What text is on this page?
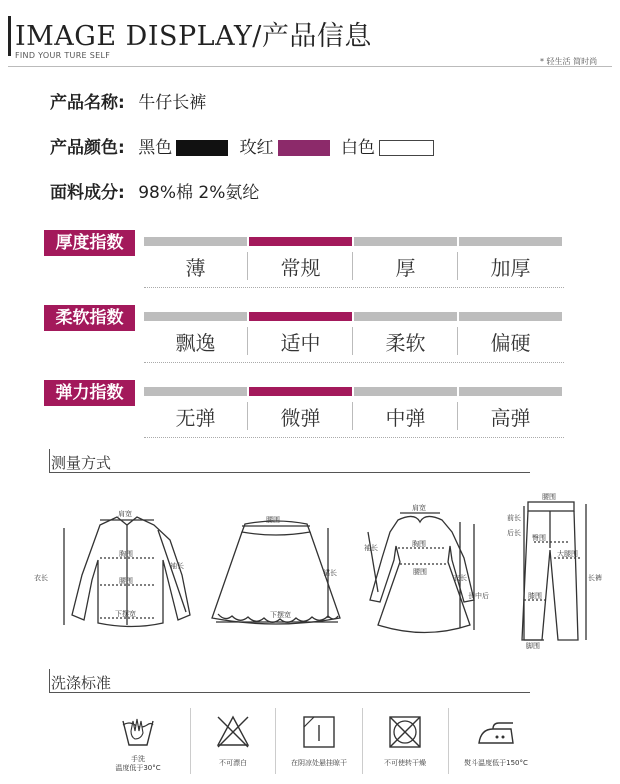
IMAGE DISPLAY/产品信息
FIND YOUR TURE SELF
* 轻生活 简时尚
产品名称: 牛仔长裤
产品颜色: 黑色	玫红	白色
面料成分: 98%棉 2%氨纶
厚度指数
薄	常规	厚	加厚
柔软指数
飘逸	适中	柔软	偏硬
弹力指数
无弹	微弹	中弹	高弹
测量方式
肩宽
胸围
腰围
下摆宽
衣长
袖长
腰围
下摆宽
裙长
肩宽
胸围
腰围
袖长
衣长
长中后
腰围
前长
后长
臀围
大腿围
膝围
脚围
长裤
洗涤标准
手洗
温度低于30°C
不可漂白	在阴凉处悬挂晾干	不可使转干燥	熨斗温度低于150°C
